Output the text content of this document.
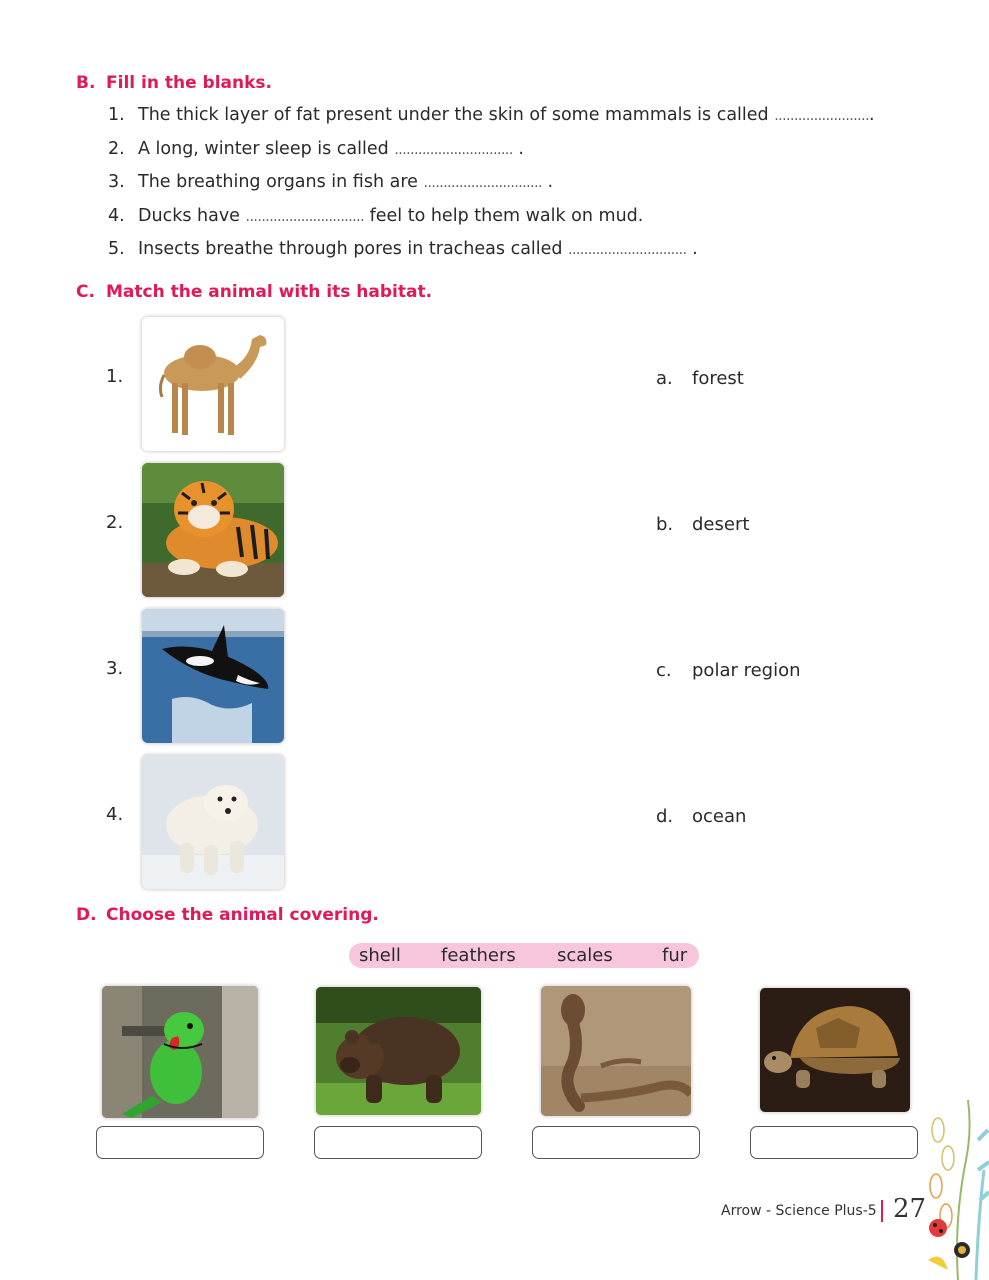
B. Fill in the blanks.
1. The thick layer of fat present under the skin of some mammals is called .........................
2. A long, winter sleep is called .............................. .
3. The breathing organs in fish are .............................. .
4. Ducks have .............................. feel to help them walk on mud.
5. Insects breathe through pores in tracheas called .............................. .
C. Match the animal with its habitat.
1.	a. forest
2.	b. desert
3.	c. polar region
4.	d. ocean
D. Choose the animal covering.
shell feathers scales	fur
Arrow - Science Plus-5 27
